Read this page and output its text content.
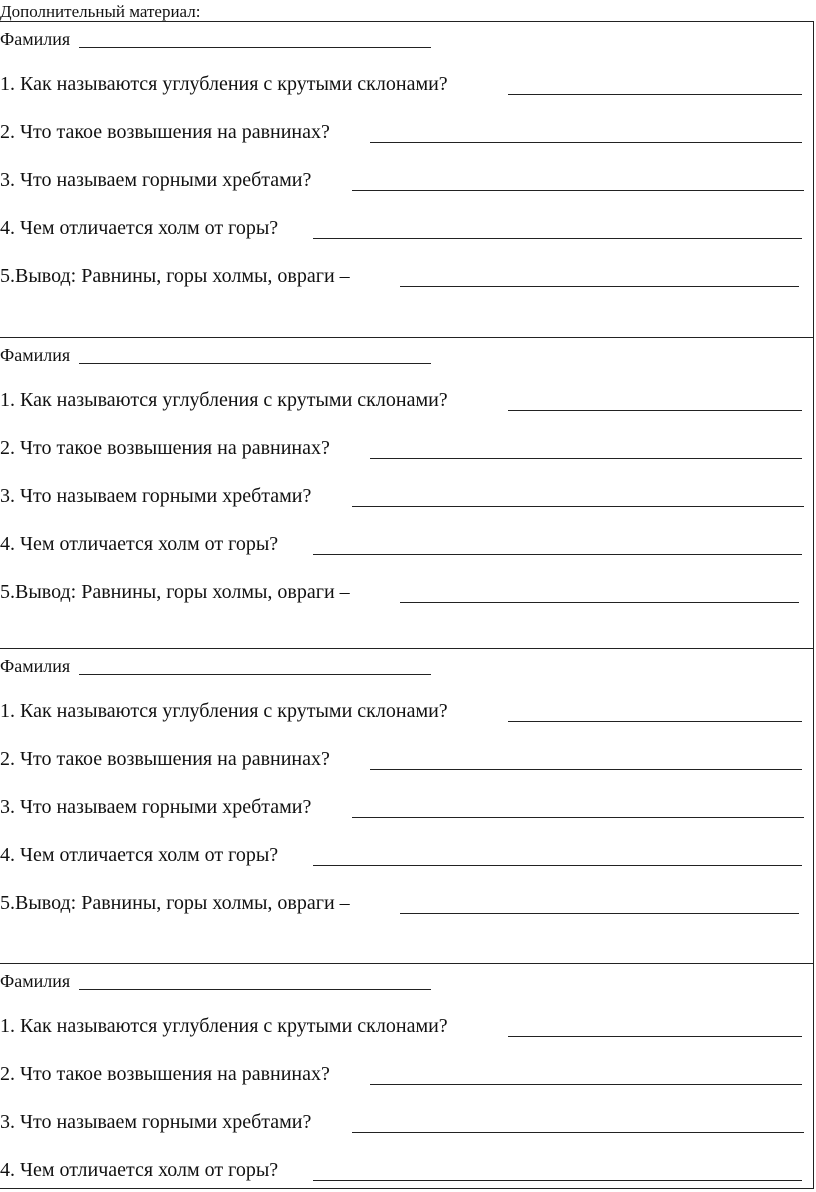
Дополнительный материал:
Фамилия
1. Как называются углубления с крутыми склонами?
2. Что такое возвышения на равнинах?
3. Что называем горными хребтами?
4. Чем отличается холм от горы?
5.Вывод: Равнины, горы холмы, овраги –
Фамилия
1. Как называются углубления с крутыми склонами?
2. Что такое возвышения на равнинах?
3. Что называем горными хребтами?
4. Чем отличается холм от горы?
5.Вывод: Равнины, горы холмы, овраги –
Фамилия
1. Как называются углубления с крутыми склонами?
2. Что такое возвышения на равнинах?
3. Что называем горными хребтами?
4. Чем отличается холм от горы?
5.Вывод: Равнины, горы холмы, овраги –
Фамилия
1. Как называются углубления с крутыми склонами?
2. Что такое возвышения на равнинах?
3. Что называем горными хребтами?
4. Чем отличается холм от горы?
